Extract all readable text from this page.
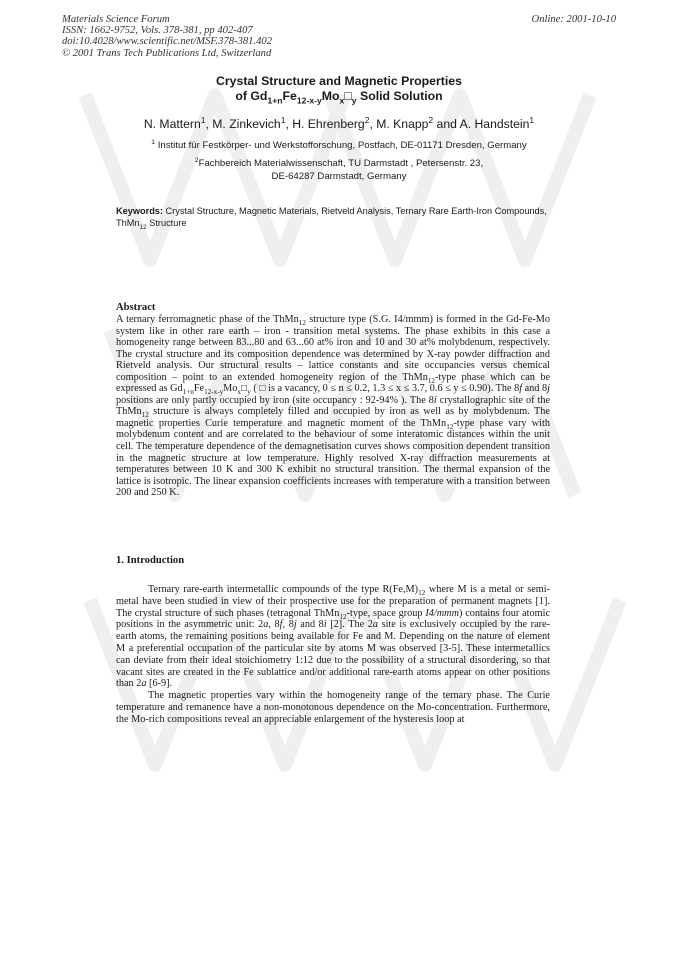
Materials Science Forum
ISSN: 1662-9752, Vols. 378-381, pp 402-407
doi:10.4028/www.scientific.net/MSF.378-381.402
© 2001 Trans Tech Publications Ltd, Switzerland
Online: 2001-10-10
Crystal Structure and Magnetic Properties
of $Gd_{1+n}Fe_{12-x-y}Mo_x□_y$ Solid Solution
N. Mattern$^1$, M. Zinkevich$^1$, H. Ehrenberg$^2$, M. Knapp$^2$ and A. Handstein$^1$
$^1$ Institut für Festkörper- und Werkstofforschung, Postfach, DE-01171 Dresden, Germany
$^2$Fachbereich Materialwissenschaft, TU Darmstadt , Petersenstr. 23,
DE-64287 Darmstadt, Germany
Keywords: Crystal Structure, Magnetic Materials, Rietveld Analysis, Ternary Rare Earth-Iron Compounds, ThMn$_{12}$ Structure
Abstract
A ternary ferromagnetic phase of the ThMn$_{12}$ structure type (S.G. I4/mmm) is formed in the Gd-Fe-Mo system like in other rare earth – iron - transition metal systems. The phase exhibits in this case a homogeneity range between 83...80 and 63...60 at% iron and 10 and 30 at% molybdenum, respectively. The crystal structure and its composition dependence was determined by X-ray powder diffraction and Rietveld analysis. Our structural results – lattice constants and site occupancies versus chemical composition – point to an extended homogeneity region of the ThMn$_{12}$-type phase which can be expressed as $Gd_{1+n}Fe_{12-x-y}Mo_x□_y$ ( □ is a vacancy, 0 ≤ n ≤ 0.2, 1.3 ≤ x ≤ 3.7, 0.6 ≤ y ≤ 0.90). The 8f and 8j positions are only partly occupied by iron (site occupancy : 92-94% ). The 8i crystallographic site of the ThMn$_{12}$ structure is always completely filled and occupied by iron as well as by molybdenum. The magnetic properties Curie temperature and magnetic moment of the ThMn$_{12}$-type phase vary with molybdenum content and are correlated to the behaviour of some interatomic distances within the unit cell. The temperature dependence of the demagnetisation curves shows composition dependent transition in the magnetic structure at low temperature. Highly resolved X-ray diffraction measurements at temperatures between 10 K and 300 K exhibit no structural transition. The thermal expansion of the lattice is isotropic. The linear expansion coefficients increases with temperature with a transition between 200 and 250 K.
1. Introduction

Ternary rare-earth intermetallic compounds of the type $R(Fe,M)_{12}$ where M is a metal or semi-metal have been studied in view of their prospective use for the preparation of permanent magnets [1]. The crystal structure of such phases (tetragonal ThMn$_{12}$-type, space group I4/mmm) contains four atomic positions in the asymmetric unit: 2a, 8f, 8j and 8i [2]. The 2a site is exclusively occupied by the rare-earth atoms, the remaining positions being available for Fe and M. Depending on the nature of element M a preferential occupation of the particular site by atoms M was observed [3-5]. These intermetallics can deviate from their ideal stoichiometry 1:12 due to the possibility of a structural disordering, so that vacant sites are created in the Fe sublattice and/or additional rare-earth atoms appear on other positions than 2a [6-9].

The magnetic properties vary within the homogeneity range of the ternary phase. The Curie temperature and remanence have a non-monotonous dependence on the Mo-concentration. Furthermore, the Mo-rich compositions reveal an appreciable enlargement of the hysteresis loop at
